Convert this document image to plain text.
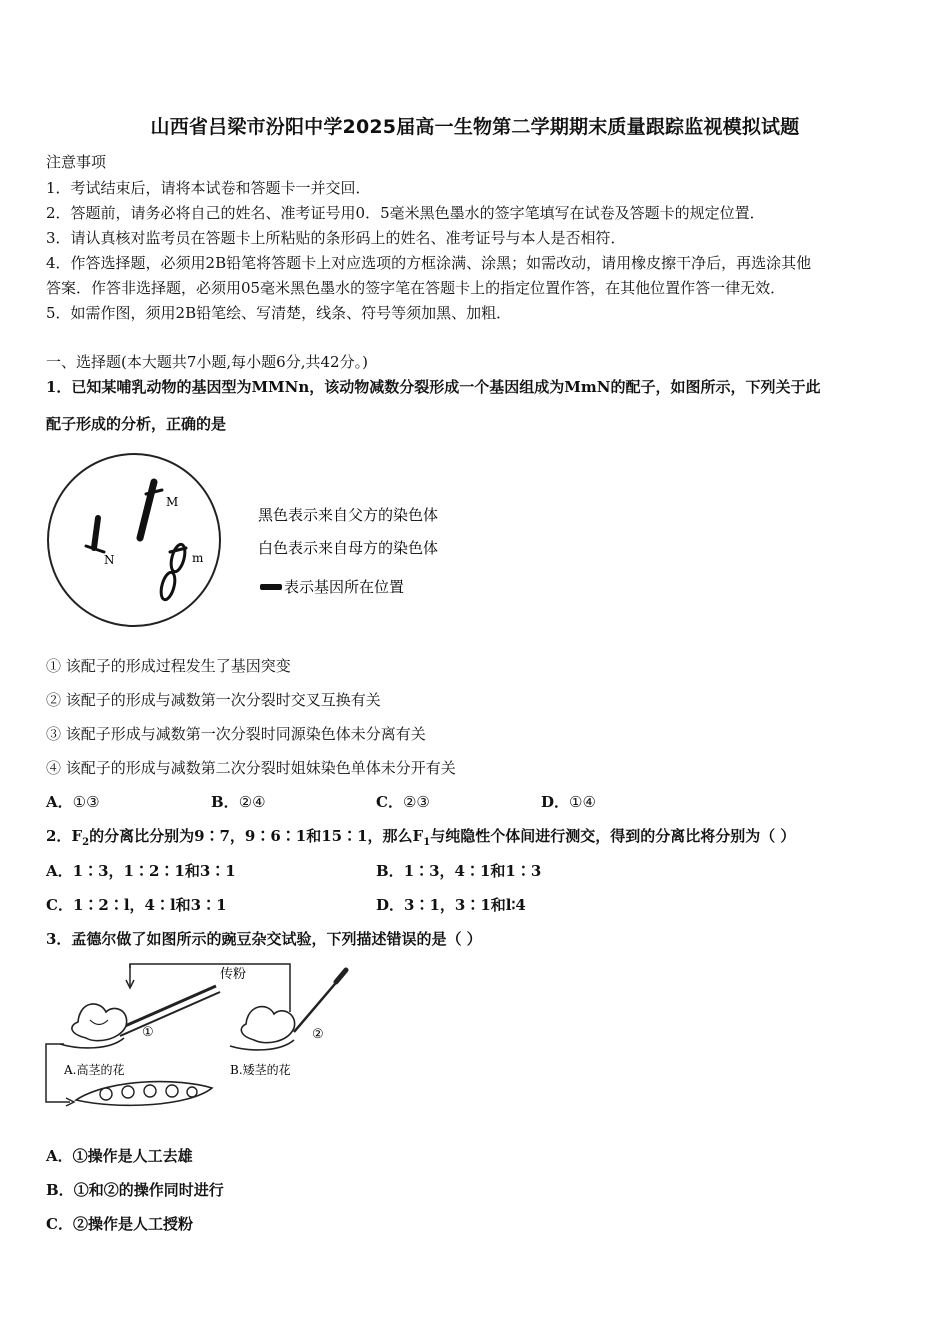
山西省吕梁市汾阳中学2025届高一生物第二学期期末质量跟踪监视模拟试题
注意事项
1．考试结束后，请将本试卷和答题卡一并交回．
2．答题前，请务必将自己的姓名、准考证号用0．5毫米黑色墨水的签字笔填写在试卷及答题卡的规定位置．
3．请认真核对监考员在答题卡上所粘贴的条形码上的姓名、准考证号与本人是否相符．
4．作答选择题，必须用2B铅笔将答题卡上对应选项的方框涂满、涂黑；如需改动，请用橡皮擦干净后，再选涂其他
答案．作答非选择题，必须用05毫米黑色墨水的签字笔在答题卡上的指定位置作答，在其他位置作答一律无效．
5．如需作图，须用2B铅笔绘、写清楚，线条、符号等须加黑、加粗．
一、选择题(本大题共7小题,每小题6分,共42分。)
1．已知某哺乳动物的基因型为MMNn，该动物减数分裂形成一个基因组成为MmN的配子，如图所示，下列关于此
配子形成的分析，正确的是
N
M
m
黑色表示来自父方的染色体
白色表示来自母方的染色体
表示基因所在位置
① 该配子的形成过程发生了基因突变
② 该配子的形成与减数第一次分裂时交叉互换有关
③ 该配子形成与减数第一次分裂时同源染色体未分离有关
④ 该配子的形成与减数第二次分裂时姐妹染色单体未分开有关
A．①③	B．②④	C．②③	D．①④
2．$F_2$的分离比分别为9∶7，9∶6∶1和15∶1，那么$F_1$与纯隐性个体间进行测交，得到的分离比将分别为（ ）
A．1∶3，1∶2∶1和3∶1	B．1∶3，4∶1和1∶3
C．1∶2∶l，4∶l和3∶1	D．3∶1，3∶1和l∶4
3．孟德尔做了如图所示的豌豆杂交试验，下列描述错误的是（ ）
传粉
①
A.高茎的花
②
B.矮茎的花
A．①操作是人工去雄
B．①和②的操作同时进行
C．②操作是人工授粉
